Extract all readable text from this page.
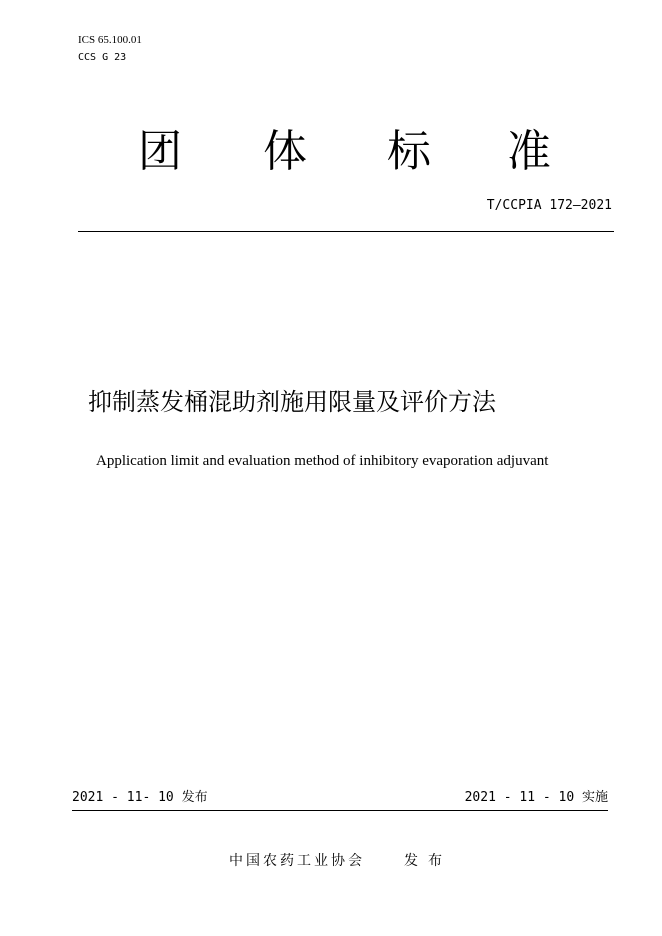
ICS 65.100.01
CCS G 23
团 体 标 准
T/CCPIA 172—2021
抑制蒸发桶混助剂施用限量及评价方法
Application limit and evaluation method of inhibitory evaporation adjuvant
2021 - 11- 10 发布	2021 - 11 - 10 实施
中国农药工业协会	发布
